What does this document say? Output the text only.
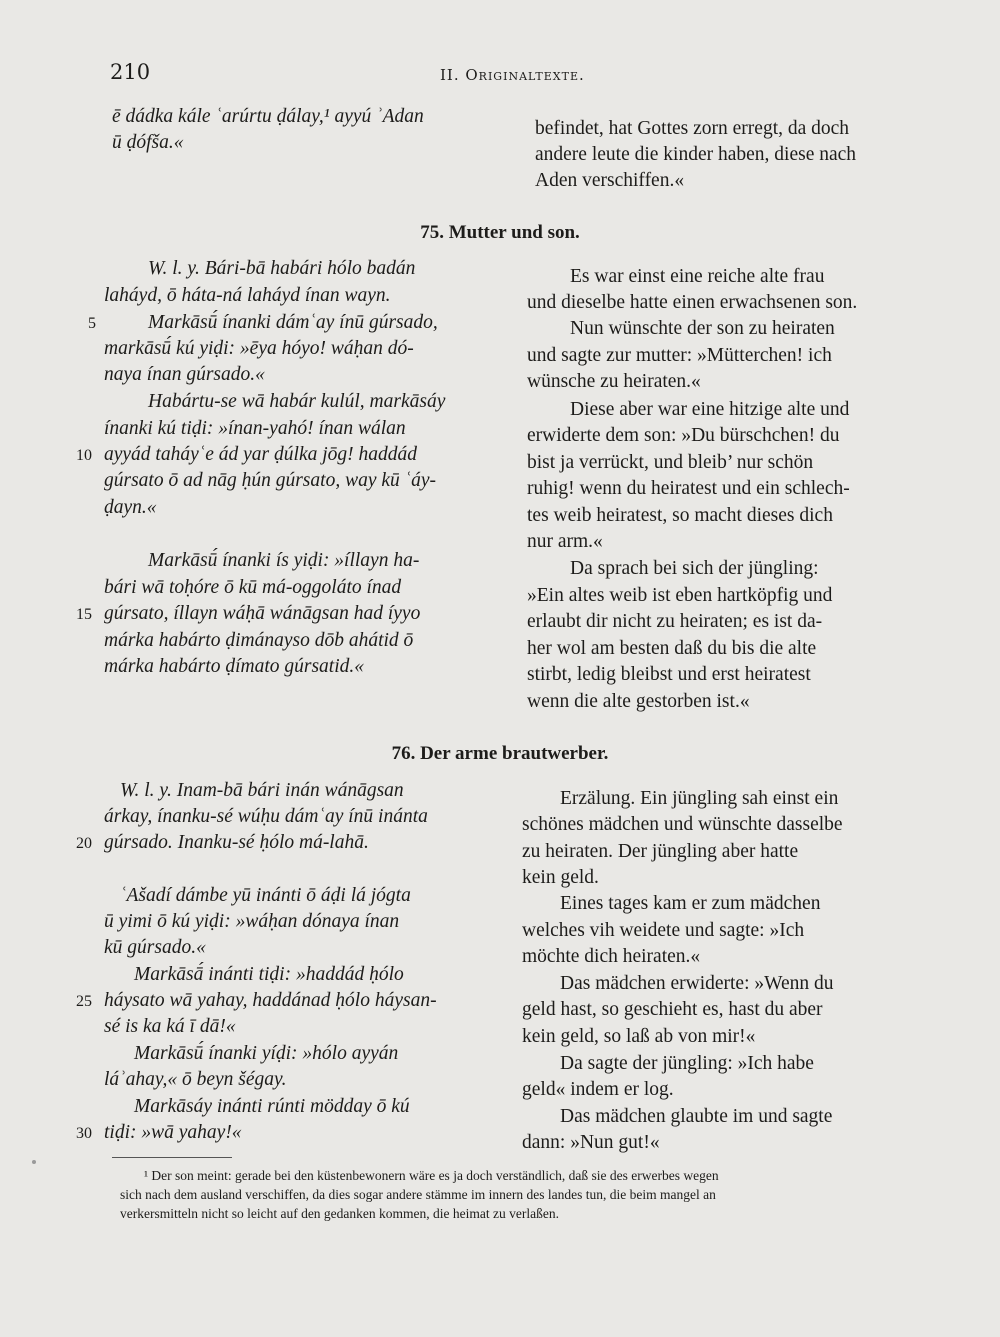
210	II. Originaltexte.
ē dádka kále ʿarúrtu ḍálay,¹ ayyú ʾAdan
ū ḍófša.«
W. l. y. Bári-bā habári hólo badán
laháyd, ō háta-ná laháyd ínan wayn.
Markāsū́ ínanki dámʿay ínū gúrsado,
markāsū́ kú yiḍi: »ēya hóyo! wáḥan dó-
naya ínan gúrsado.«
Habártu-se wā habár kulúl, markāsáy
ínanki kú tiḍi: »ínan-yahó! ínan wálan
ayyád taháyʿe ád yar ḍúlka jōg! haddád
gúrsato ō ad nāg ḥún gúrsato, way kū ʿáy-
ḍayn.«
Markāsū́ ínanki ís yiḍi: »íllayn ha-
bári wā toḥóre ō kū má-oggoláto ínad
gúrsato, íllayn wáḥā wánāgsan had íyyo
márka habárto ḍimánayso dōb ahátid ō
márka habárto ḍímato gúrsatid.«
W. l. y. Inam-bā bári inán wánāgsan
árkay, ínanku-sé wúḥu dámʿay ínū inánta
gúrsado. Inanku-sé ḥólo má-lahā.
ʿAšadí dámbe yū inánti ō áḍi lá jógta
ū yimi ō kú yiḍi: »wáḥan dónaya ínan
kū gúrsado.«
Markāsā́ inánti tiḍi: »haddád ḥólo
háysato wā yahay, haddánad ḥólo háysan-
sé is ka ká ī dā!«
Markāsū́ ínanki yíḍi: »hólo ayyán
láʾahay,« ō beyn šégay.
Markāsáy inánti rúnti mödday ō kú
tiḍi: »wā yahay!«
5
10
15
20
25
30
befindet, hat Gottes zorn erregt, da doch
andere leute die kinder haben, diese nach
Aden verschiffen.«
Es war einst eine reiche alte frau
und dieselbe hatte einen erwachsenen son.
Nun wünschte der son zu heiraten
und sagte zur mutter: »Mütterchen! ich
wünsche zu heiraten.«
Diese aber war eine hitzige alte und
erwiderte dem son: »Du bürschchen! du
bist ja verrückt, und bleib’ nur schön
ruhig! wenn du heiratest und ein schlech-
tes weib heiratest, so macht dieses dich
nur arm.«
Da sprach bei sich der jüngling:
»Ein altes weib ist eben hartköpfig und
erlaubt dir nicht zu heiraten; es ist da-
her wol am besten daß du bis die alte
stirbt, ledig bleibst und erst heiratest
wenn die alte gestorben ist.«
Erzälung. Ein jüngling sah einst ein
schönes mädchen und wünschte dasselbe
zu heiraten. Der jüngling aber hatte
kein geld.
Eines tages kam er zum mädchen
welches vih weidete und sagte: »Ich
möchte dich heiraten.«
Das mädchen erwiderte: »Wenn du
geld hast, so geschieht es, hast du aber
kein geld, so laß ab von mir!«
Da sagte der jüngling: »Ich habe
geld« indem er log.
Das mädchen glaubte im und sagte
dann: »Nun gut!«
75. Mutter und son.
76. Der arme brautwerber.
¹ Der son meint: gerade bei den küstenbewonern wäre es ja doch verständlich, daß sie des erwerbes wegen
sich nach dem ausland verschiffen, da dies sogar andere stämme im innern des landes tun, die beim mangel an
verkersmitteln nicht so leicht auf den gedanken kommen, die heimat zu verlaßen.
